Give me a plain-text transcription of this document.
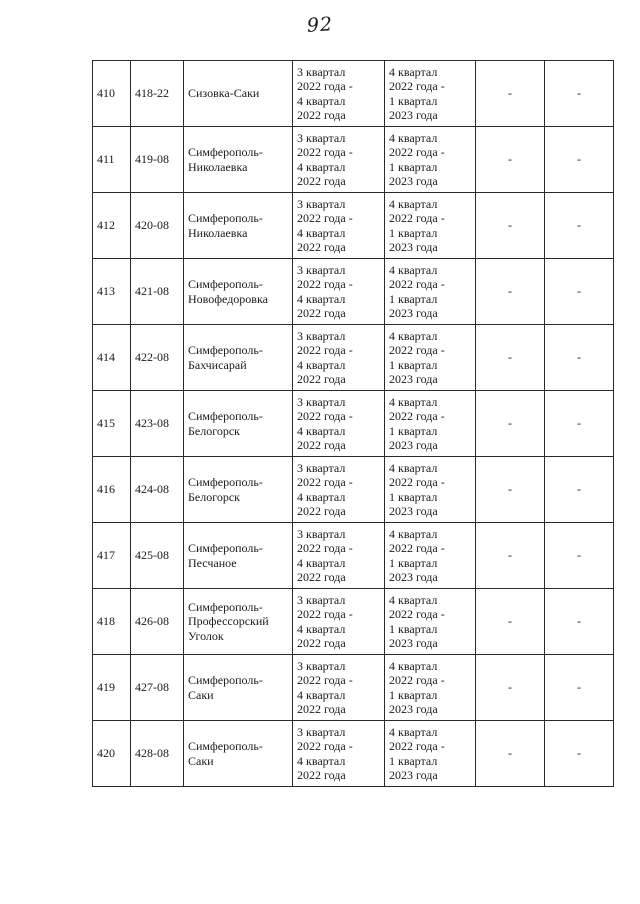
92
410	418-22	Сизовка-Саки	3 квартал
2022 года -
4 квартал
2022 года	4 квартал
2022 года -
1 квартал
2023 года	-	-
411	419-08	Симферополь-
Николаевка	3 квартал
2022 года -
4 квартал
2022 года	4 квартал
2022 года -
1 квартал
2023 года	-	-
412	420-08	Симферополь-
Николаевка	3 квартал
2022 года -
4 квартал
2022 года	4 квартал
2022 года -
1 квартал
2023 года	-	-
413	421-08	Симферополь-
Новофедоровка	3 квартал
2022 года -
4 квартал
2022 года	4 квартал
2022 года -
1 квартал
2023 года	-	-
414	422-08	Симферополь-
Бахчисарай	3 квартал
2022 года -
4 квартал
2022 года	4 квартал
2022 года -
1 квартал
2023 года	-	-
415	423-08	Симферополь-
Белогорск	3 квартал
2022 года -
4 квартал
2022 года	4 квартал
2022 года -
1 квартал
2023 года	-	-
416	424-08	Симферополь-
Белогорск	3 квартал
2022 года -
4 квартал
2022 года	4 квартал
2022 года -
1 квартал
2023 года	-	-
417	425-08	Симферополь-
Песчаное	3 квартал
2022 года -
4 квартал
2022 года	4 квартал
2022 года -
1 квартал
2023 года	-	-
418	426-08	Симферополь-
Профессорский
Уголок	3 квартал
2022 года -
4 квартал
2022 года	4 квартал
2022 года -
1 квартал
2023 года	-	-
419	427-08	Симферополь-
Саки	3 квартал
2022 года -
4 квартал
2022 года	4 квартал
2022 года -
1 квартал
2023 года	-	-
420	428-08	Симферополь-
Саки	3 квартал
2022 года -
4 квартал
2022 года	4 квартал
2022 года -
1 квартал
2023 года	-	-
